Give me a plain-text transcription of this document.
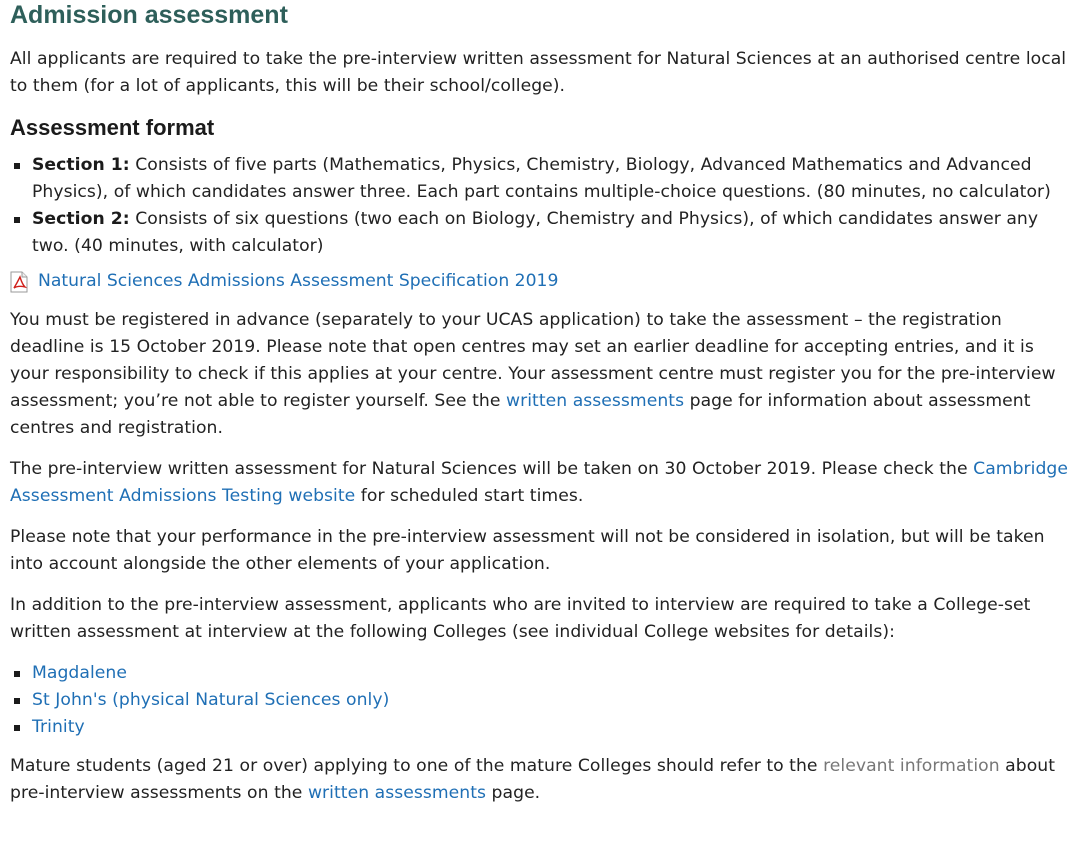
Admission assessment

All applicants are required to take the pre-interview written assessment for Natural Sciences at an authorised centre local to them (for a lot of applicants, this will be their school/college).

Assessment format
Section 1: Consists of five parts (Mathematics, Physics, Chemistry, Biology, Advanced Mathematics and Advanced Physics), of which candidates answer three. Each part contains multiple-choice questions. (80 minutes, no calculator)
Section 2: Consists of six questions (two each on Biology, Chemistry and Physics), of which candidates answer any two. (40 minutes, with calculator)
Natural Sciences Admissions Assessment Specification 2019

You must be registered in advance (separately to your UCAS application) to take the assessment – the registration deadline is 15 October 2019. Please note that open centres may set an earlier deadline for accepting entries, and it is your responsibility to check if this applies at your centre. Your assessment centre must register you for the pre-interview assessment; you’re not able to register yourself. See the written assessments page for information about assessment centres and registration.

The pre-interview written assessment for Natural Sciences will be taken on 30 October 2019. Please check the Cambridge Assessment Admissions Testing website for scheduled start times.

Please note that your performance in the pre-interview assessment will not be considered in isolation, but will be taken into account alongside the other elements of your application.

In addition to the pre-interview assessment, applicants who are invited to interview are required to take a College-set written assessment at interview at the following Colleges (see individual College websites for details):

Magdalene
St John's (physical Natural Sciences only)
Trinity

Mature students (aged 21 or over) applying to one of the mature Colleges should refer to the relevant information about pre-interview assessments on the written assessments page.
